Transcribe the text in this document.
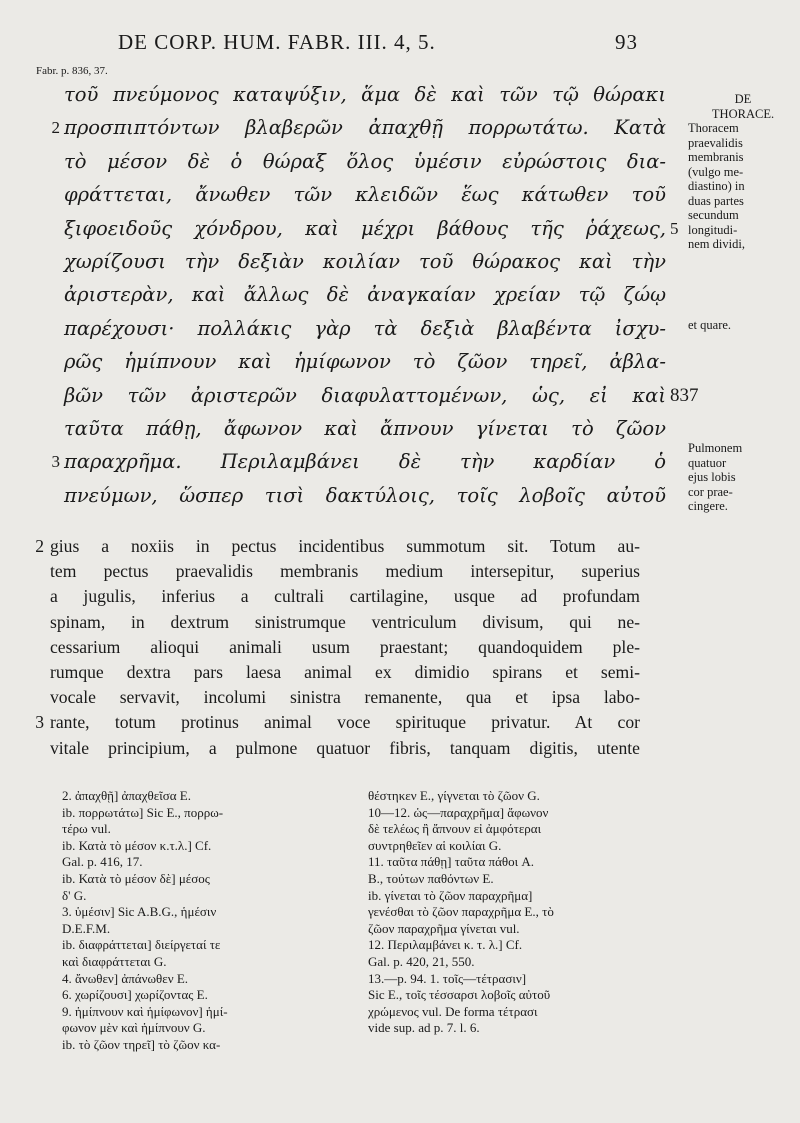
DE CORP. HUM. FABR. III. 4, 5.	93
Fabr. p. 836, 37.
τοῦ πνεύμονος καταψύξιν, ἅμα δὲ καὶ τῶν τῷ θώρακι
2 προσπιπτόντων βλαβερῶν ἀπαχθῇ πορρωτάτω. Κατὰ
τὸ μέσον δὲ ὁ θώραξ ὅλος ὑμέσιν εὐρώστοις δια-
φράττεται, ἄνωθεν τῶν κλειδῶν ἕως κάτωθεν τοῦ
ξιφοειδοῦς χόνδρου, καὶ μέχρι βάθους τῆς ῥάχεως, 5
χωρίζουσι τὴν δεξιὰν κοιλίαν τοῦ θώρακος καὶ τὴν
ἀριστερὰν, καὶ ἄλλως δὲ ἀναγκαίαν χρείαν τῷ ζώῳ
παρέχουσι· πολλάκις γὰρ τὰ δεξιὰ βλαβέντα ἰσχυ-
ρῶς ἡμίπνουν καὶ ἡμίφωνον τὸ ζῶον τηρεῖ, ἀβλα-
βῶν τῶν ἀριστερῶν διαφυλαττομένων, ὡς, εἰ καὶ 837
ταῦτα πάθῃ, ἄφωνον καὶ ἄπνουν γίνεται τὸ ζῶον
3 παραχρῆμα. Περιλαμβάνει δὲ τὴν καρδίαν ὁ
πνεύμων, ὥσπερ τισὶ δακτύλοις, τοῖς λοβοῖς αὐτοῦ
DE
THORACE.
Thoracem
praevalidis
membranis
(vulgo me-
diastino) in
duas partes
secundum
longitudi-
nem dividi,
et quare.
Pulmonem
quatuor
ejus lobis
cor prae-
cingere.
2 gius a noxiis in pectus incidentibus summotum sit. Totum au-
tem pectus praevalidis membranis medium intersepitur, superius
a jugulis, inferius a cultrali cartilagine, usque ad profundam
spinam, in dextrum sinistrumque ventriculum divisum, qui ne-
cessarium alioqui animali usum praestant; quandoquidem ple-
rumque dextra pars laesa animal ex dimidio spirans et semi-
vocale servavit, incolumi sinistra remanente, qua et ipsa labo-
3 rante, totum protinus animal voce spirituque privatur. At cor
vitale principium, a pulmone quatuor fibris, tanquam digitis, utente
2. ἀπαχθῇ] ἀπαχθεῖσα E.
ib. πορρωτάτω] Sic E., πορρω-
τέρω vul.
ib. Κατὰ τὸ μέσον κ.τ.λ.] Cf.
Gal. p. 416, 17.
ib. Κατὰ τὸ μέσον δὲ] μέσος
δ' G.
3. ὑμέσιν] Sic A.B.G., ἡμέσιν
D.E.F.M.
ib. διαφράττεται] διείργεταί τε
καὶ διαφράττεται G.
4. ἄνωθεν] ἀπάνωθεν E.
6. χωρίζουσι] χωρίζοντας E.
9. ἡμίπνουν καὶ ἡμίφωνον] ἡμί-
φωνον μὲν καὶ ἡμίπνουν G.
ib. τὸ ζῶον τηρεῖ] τὸ ζῶον κα-
θέστηκεν E., γίγνεται τὸ ζῶον G.
10—12. ὡς—παραχρῆμα] ἄφωνον
δὲ τελέως ἢ ἄπνουν εἰ ἀμφότεραι
συντρηθεῖεν αἱ κοιλίαι G.
11. ταῦτα πάθῃ] ταῦτα πάθοι A.
B., τούτων παθόντων E.
ib. γίνεται τὸ ζῶον παραχρῆμα]
γενέσθαι τὸ ζῶον παραχρῆμα E., τὸ
ζῶον παραχρῆμα γίνεται vul.
12. Περιλαμβάνει κ. τ. λ.] Cf.
Gal. p. 420, 21, 550.
13.—p. 94. 1. τοῖς—τέτρασιν]
Sic E., τοῖς τέσσαρσι λοβοῖς αὐτοῦ
χρώμενος vul. De forma τέτρασι
vide sup. ad p. 7. l. 6.
